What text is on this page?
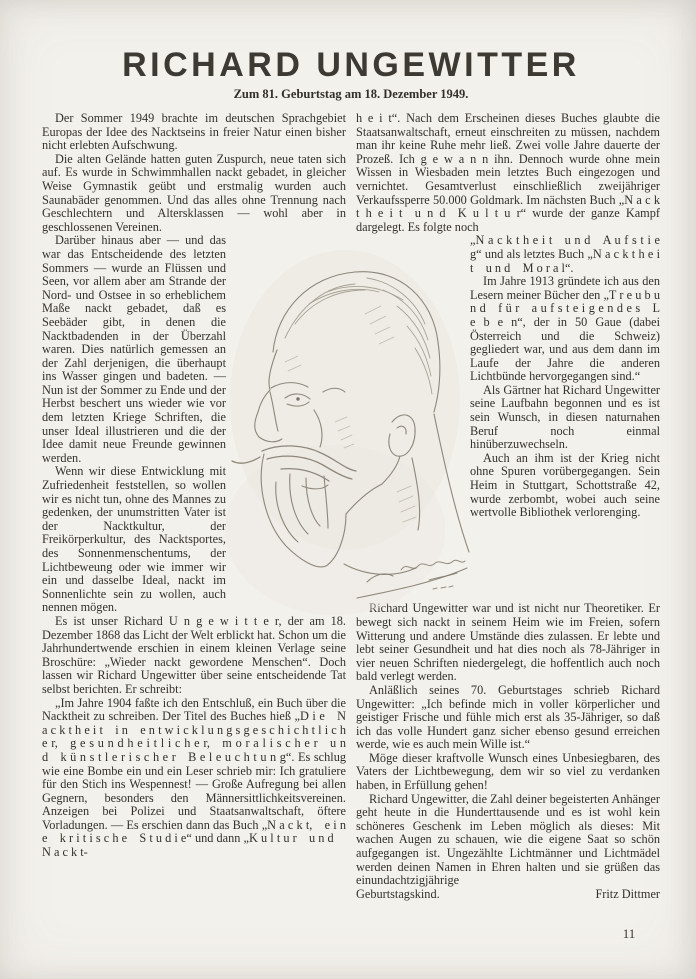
RICHARD UNGEWITTER
Zum 81. Geburtstag am 18. Dezember 1949.

Der Sommer 1949 brachte im deutschen Sprachgebiet Europas der Idee des Nacktseins in freier Natur einen bisher nicht erlebten Aufschwung.

Die alten Gelände hatten guten Zuspurch, neue taten sich auf. Es wurde in Schwimmhallen nackt gebadet, in gleicher Weise Gymnastik geübt und erstmalig wurden auch Saunabäder genommen. Und das alles ohne Trennung nach Geschlechtern und Altersklassen — wohl aber in geschlossenen Vereinen.

Darüber hinaus aber — und das war das Entscheidende des letzten Sommers — wurde an Flüssen und Seen, vor allem aber am Strande der Nord- und Ostsee in so erheblichem Maße nackt gebadet, daß es Seebäder gibt, in denen die Nacktbadenden in der Überzahl waren. Dies natürlich gemessen an der Zahl derjenigen, die überhaupt ins Wasser gingen und badeten. — Nun ist der Sommer zu Ende und der Herbst beschert uns wieder wie vor dem letzten Kriege Schriften, die unser Ideal illustrieren und die der Idee damit neue Freunde gewinnen werden.

Wenn wir diese Entwicklung mit Zufriedenheit feststellen, so wollen wir es nicht tun, ohne des Mannes zu gedenken, der unumstritten Vater ist der Nacktkultur, der Freikörperkultur, des Nacktsportes, des Sonnenmenschentums, der Lichtbeweung oder wie immer wir ein und dasselbe Ideal, nackt im Sonnenlichte sein zu wollen, auch nennen mögen.

Es ist unser Richard U n g e w i t t e r, der am 18. Dezember 1868 das Licht der Welt erblickt hat. Schon um die Jahrhundertwende erschien in einem kleinen Verlage seine Broschüre: „Wieder nackt gewordene Menschen“. Doch lassen wir Richard Ungewitter über seine entscheidende Tat selbst berichten. Er schreibt:

„Im Jahre 1904 faßte ich den Entschluß, ein Buch über die Nacktheit zu schreiben. Der Titel des Buches hieß „D i e N a c k t h e i t i n e n t w i c k l u n g s g e s c h i c h t l i c h e r, g e s u n d h e i t l i c h e r, m o r a l i s c h e r u n d k ü n s t l e r i s c h e r B e l e u c h t u n g“. Es schlug wie eine Bombe ein und ein Leser schrieb mir: Ich gratuliere für den Stich ins Wespennest! — Große Aufregung bei allen Gegnern, besonders den Männersittlichkeitsvereinen. Anzeigen bei Polizei und Staatsanwaltschaft, öftere Vorladungen. — Es erschien dann das Buch „N a c k t, e i n e k r i t i s c h e S t u d i e“ und dann „K u l t u r u n d N a c k t-

h e i t“. Nach dem Erscheinen dieses Buches glaubte die Staatsanwaltschaft, erneut einschreiten zu müssen, nachdem man ihr keine Ruhe mehr ließ. Zwei volle Jahre dauerte der Prozeß. Ich g e w a n n ihn. Dennoch wurde ohne mein Wissen in Wiesbaden mein letztes Buch eingezogen und vernichtet. Gesamtverlust einschließlich zweijähriger Verkaufssperre 50.000 Goldmark. Im nächsten Buch „N a c k t h e i t u n d K u l t u r“ wurde der ganze Kampf dargelegt. Es folgte noch

„N a c k t h e i t u n d A u f s t i e g“ und als letztes Buch „N a c k t h e i t u n d M o r a l“.

Im Jahre 1913 gründete ich aus den Lesern meiner Bücher den „T r e u b u n d f ü r a u f s t e i g e n d e s L e b e n“, der in 50 Gaue (dabei Österreich und die Schweiz) gegliedert war, und aus dem dann im Laufe der Jahre die anderen Lichtbünde hervorgegangen sind.“

Als Gärtner hat Richard Ungewitter seine Laufbahn begonnen und es ist sein Wunsch, in diesen naturnahen Beruf noch einmal hinüberzuwechseln.

Auch an ihm ist der Krieg nicht ohne Spuren vorübergegangen. Sein Heim in Stuttgart, Schottstraße 42, wurde zerbombt, wobei auch seine wertvolle Bibliothek verlorenging.

Richard Ungewitter war und ist nicht nur Theoretiker. Er bewegt sich nackt in seinem Heim wie im Freien, sofern Witterung und andere Umstände dies zulassen. Er lebte und lebt seiner Gesundheit und hat dies noch als 78-Jähriger in vier neuen Schriften niedergelegt, die hoffentlich auch noch bald verlegt werden.

Anläßlich seines 70. Geburtstages schrieb Richard Ungewitter: „Ich befinde mich in voller körperlicher und geistiger Frische und fühle mich erst als 35-Jähriger, so daß ich das volle Hundert ganz sicher ebenso gesund erreichen werde, wie es auch mein Wille ist.“

Möge dieser kraftvolle Wunsch eines Unbesiegbaren, des Vaters der Lichtbewegung, dem wir so viel zu verdanken haben, in Erfüllung gehen!

Richard Ungewitter, die Zahl deiner begeisterten Anhänger geht heute in die Hunderttausende und es ist wohl kein schöneres Geschenk im Leben möglich als dieses: Mit wachen Augen zu schauen, wie die eigene Saat so schön aufgegangen ist. Ungezählte Lichtmänner und Lichtmädel werden deinen Namen in Ehren halten und sie grüßen das einundachtzigjährige

Geburtstagskind.	Fritz Dittmer
11
